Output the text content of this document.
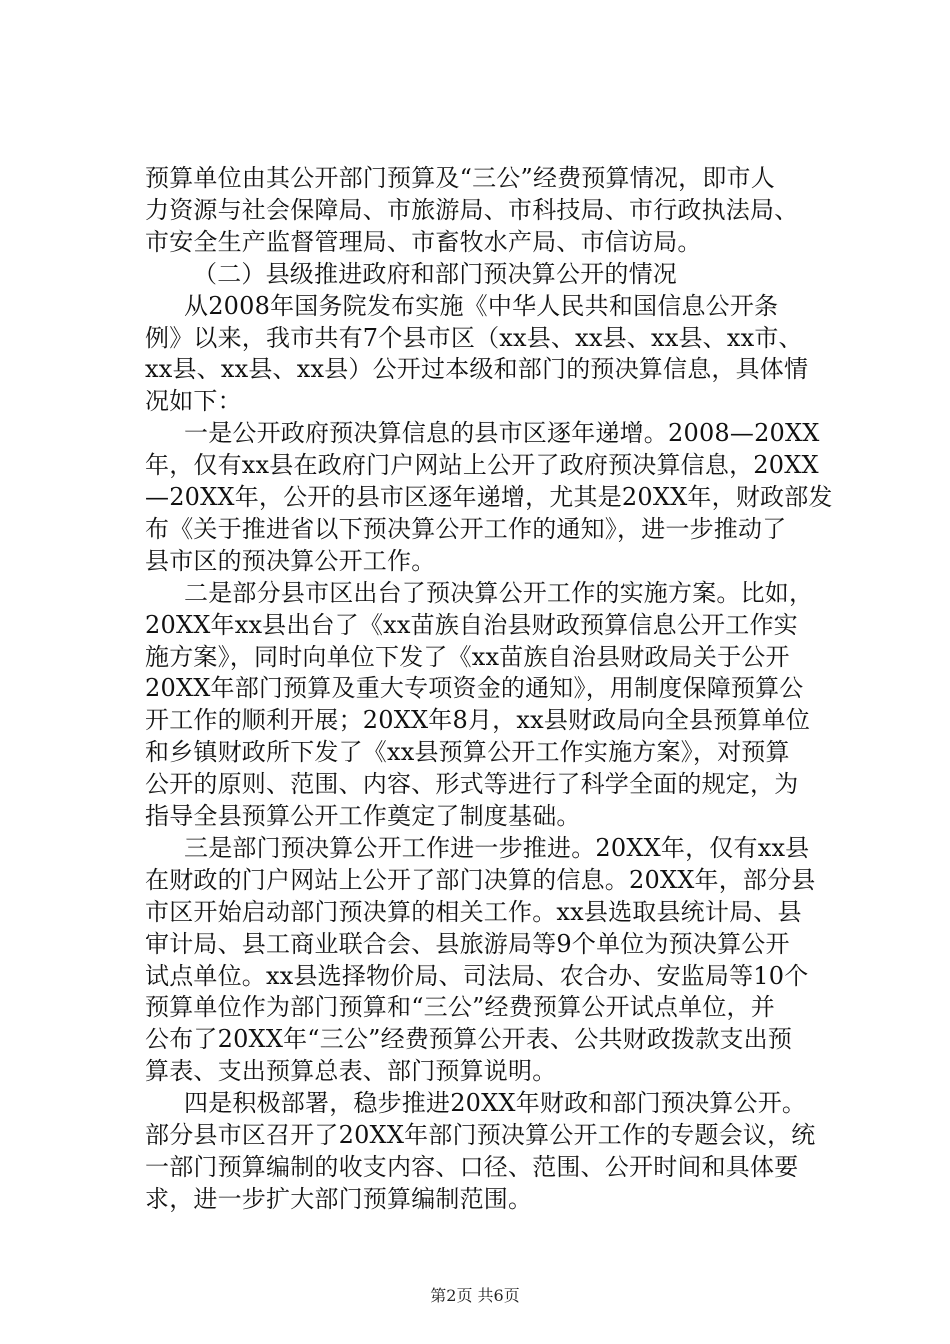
预算单位由其公开部门预算及“三公”经费预算情况，即市人
力资源与社会保障局、市旅游局、市科技局、市行政执法局、
市安全生产监督管理局、市畜牧水产局、市信访局。
（二）县级推进政府和部门预决算公开的情况
从2008年国务院发布实施《中华人民共和国信息公开条
例》以来，我市共有7个县市区（xx县、xx县、xx县、xx市、
xx县、xx县、xx县）公开过本级和部门的预决算信息，具体情
况如下：
一是公开政府预决算信息的县市区逐年递增。2008—20XX
年，仅有xx县在政府门户网站上公开了政府预决算信息，20XX
—20XX年，公开的县市区逐年递增，尤其是20XX年，财政部发
布《关于推进省以下预决算公开工作的通知》，进一步推动了
县市区的预决算公开工作。
二是部分县市区出台了预决算公开工作的实施方案。比如，
20XX年xx县出台了《xx苗族自治县财政预算信息公开工作实
施方案》，同时向单位下发了《xx苗族自治县财政局关于公开
20XX年部门预算及重大专项资金的通知》，用制度保障预算公
开工作的顺利开展；20XX年8月，xx县财政局向全县预算单位
和乡镇财政所下发了《xx县预算公开工作实施方案》，对预算
公开的原则、范围、内容、形式等进行了科学全面的规定，为
指导全县预算公开工作奠定了制度基础。
三是部门预决算公开工作进一步推进。20XX年，仅有xx县
在财政的门户网站上公开了部门决算的信息。20XX年，部分县
市区开始启动部门预决算的相关工作。xx县选取县统计局、县
审计局、县工商业联合会、县旅游局等9个单位为预决算公开
试点单位。xx县选择物价局、司法局、农合办、安监局等10个
预算单位作为部门预算和“三公”经费预算公开试点单位，并
公布了20XX年“三公”经费预算公开表、公共财政拨款支出预
算表、支出预算总表、部门预算说明。
四是积极部署，稳步推进20XX年财政和部门预决算公开。
部分县市区召开了20XX年部门预决算公开工作的专题会议，统
一部门预算编制的收支内容、口径、范围、公开时间和具体要
求，进一步扩大部门预算编制范围。
第2页 共6页
